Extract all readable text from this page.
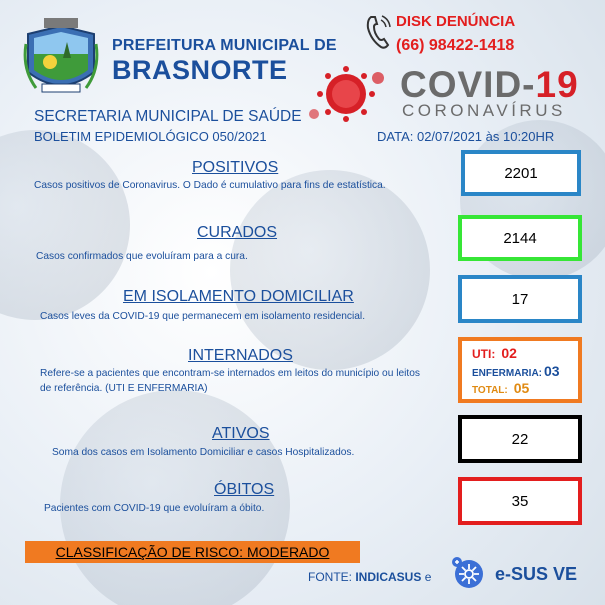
PREFEITURA MUNICIPAL DE
BRASNORTE
DISK DENÚNCIA
(66) 98422-1418
COVID-19
CORONAVÍRUS
SECRETARIA MUNICIPAL DE SAÚDE
BOLETIM EPIDEMIOLÓGICO 050/2021	DATA: 02/07/2021 às 10:20HR
POSITIVOS
Casos positivos de Coronavirus. O Dado é cumulativo para fins de estatística.
2201
CURADOS
Casos confirmados que evoluíram para a cura.
2144
EM ISOLAMENTO DOMICILIAR
Casos leves da COVID-19 que permanecem em isolamento residencial.
17
INTERNADOS
Refere-se a pacientes que encontram-se internados em leitos do município ou leitos de referência. (UTI E ENFERMARIA)
UTI: 02
ENFERMARIA: 03
TOTAL: 05
ATIVOS
Soma dos casos em Isolamento Domiciliar e casos Hospitalizados.
22
ÓBITOS
Pacientes com COVID-19 que evoluíram a óbito.	35
CLASSIFICAÇÃO DE RISCO: MODERADO
FONTE: INDICASUS e	e-SUS VE
